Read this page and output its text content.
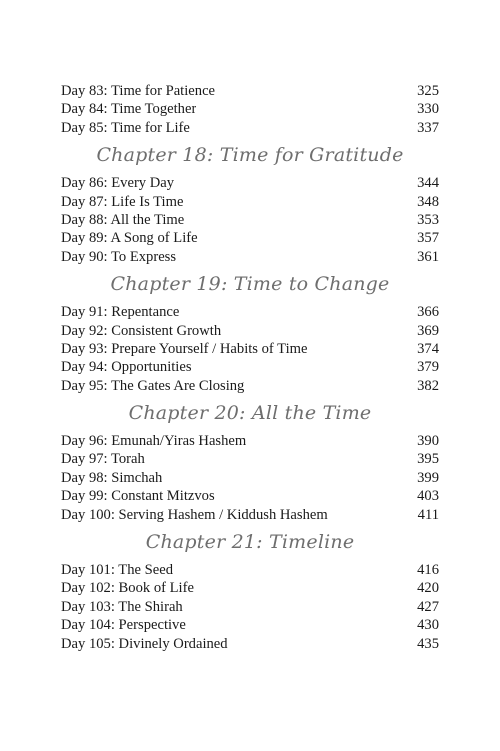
Day 83: Time for Patience	325
Day 84: Time Together	330
Day 85: Time for Life	337
Chapter 18: Time for Gratitude
Day 86: Every Day	344
Day 87: Life Is Time	348
Day 88: All the Time	353
Day 89: A Song of Life	357
Day 90: To Express	361
Chapter 19: Time to Change
Day 91: Repentance	366
Day 92: Consistent Growth	369
Day 93: Prepare Yourself / Habits of Time	374
Day 94: Opportunities	379
Day 95: The Gates Are Closing	382
Chapter 20: All the Time
Day 96: Emunah/Yiras Hashem	390
Day 97: Torah	395
Day 98: Simchah	399
Day 99: Constant Mitzvos	403
Day 100: Serving Hashem / Kiddush Hashem	411
Chapter 21: Timeline
Day 101: The Seed	416
Day 102: Book of Life	420
Day 103: The Shirah	427
Day 104: Perspective	430
Day 105: Divinely Ordained	435
